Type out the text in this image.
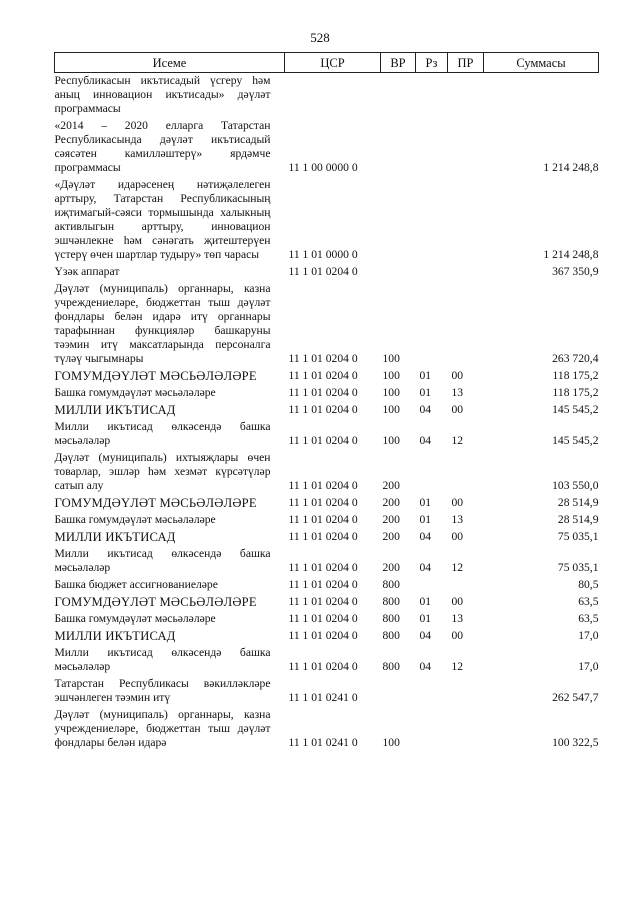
528
Исеме	ЦСР	ВР	Рз	ПР	Суммасы
Республикасын икътисадый үсгеру һәм аныц инновацион икътисады» дәүләт программасы					
«2014 – 2020 елларга Татарстан Республикасында дәүләт икътисадый сәясәтен камилләштерү» ярдәмче программасы	11 1 00 0000 0				1 214 248,8
«Дәүләт идарәсенең нәтиҗәлелеген арттыру, Татарстан Республикасының иҗтимагый-сәяси тормышында халыкның активлыгын арттыру, инновацион эшчәнлекне һәм сәнәгать җитештерүен үстерү өчен шартлар тудыру» төп чарасы	11 1 01 0000 0				1 214 248,8
Үзәк аппарат	11 1 01 0204 0				367 350,9
Дәүләт (муниципаль) органнары, казна учреждениеләре, бюджеттан тыш дәүләт фондлары белән идарә итү органнары тарафыннан функцияләр башкаруны тәэмин итү максатларында персоналга түләү чыгымнары	11 1 01 0204 0	100			263 720,4
ГОМУМДӘҮЛӘТ МӘСЬӘЛӘЛӘРЕ	11 1 01 0204 0	100	01	00	118 175,2
Башка гомумдәүләт мәсьәләләре	11 1 01 0204 0	100	01	13	118 175,2
МИЛЛИ ИКЪТИСАД	11 1 01 0204 0	100	04	00	145 545,2
Милли икътисад өлкәсендә башка мәсьәләләр	11 1 01 0204 0	100	04	12	145 545,2
Дәүләт (муниципаль) ихтыяҗлары өчен товарлар, эшләр һәм хезмәт күрсәтүләр сатып алу	11 1 01 0204 0	200			103 550,0
ГОМУМДӘҮЛӘТ МӘСЬӘЛӘЛӘРЕ	11 1 01 0204 0	200	01	00	28 514,9
Башка гомумдәүләт мәсьәләләре	11 1 01 0204 0	200	01	13	28 514,9
МИЛЛИ ИКЪТИСАД	11 1 01 0204 0	200	04	00	75 035,1
Милли икътисад өлкәсендә башка мәсьәләләр	11 1 01 0204 0	200	04	12	75 035,1
Башка бюджет ассигнованиеләре	11 1 01 0204 0	800			80,5
ГОМУМДӘҮЛӘТ МӘСЬӘЛӘЛӘРЕ	11 1 01 0204 0	800	01	00	63,5
Башка гомумдәүләт мәсьәләләре	11 1 01 0204 0	800	01	13	63,5
МИЛЛИ ИКЪТИСАД	11 1 01 0204 0	800	04	00	17,0
Милли икътисад өлкәсендә башка мәсьәләләр	11 1 01 0204 0	800	04	12	17,0
Татарстан Республикасы вәкилләкләре эшчәнлеген тәэмин итү	11 1 01 0241 0				262 547,7
Дәүләт (муниципаль) органнары, казна учреждениеләре, бюджеттан тыш дәүләт фондлары белән идарә	11 1 01 0241 0	100			100 322,5
